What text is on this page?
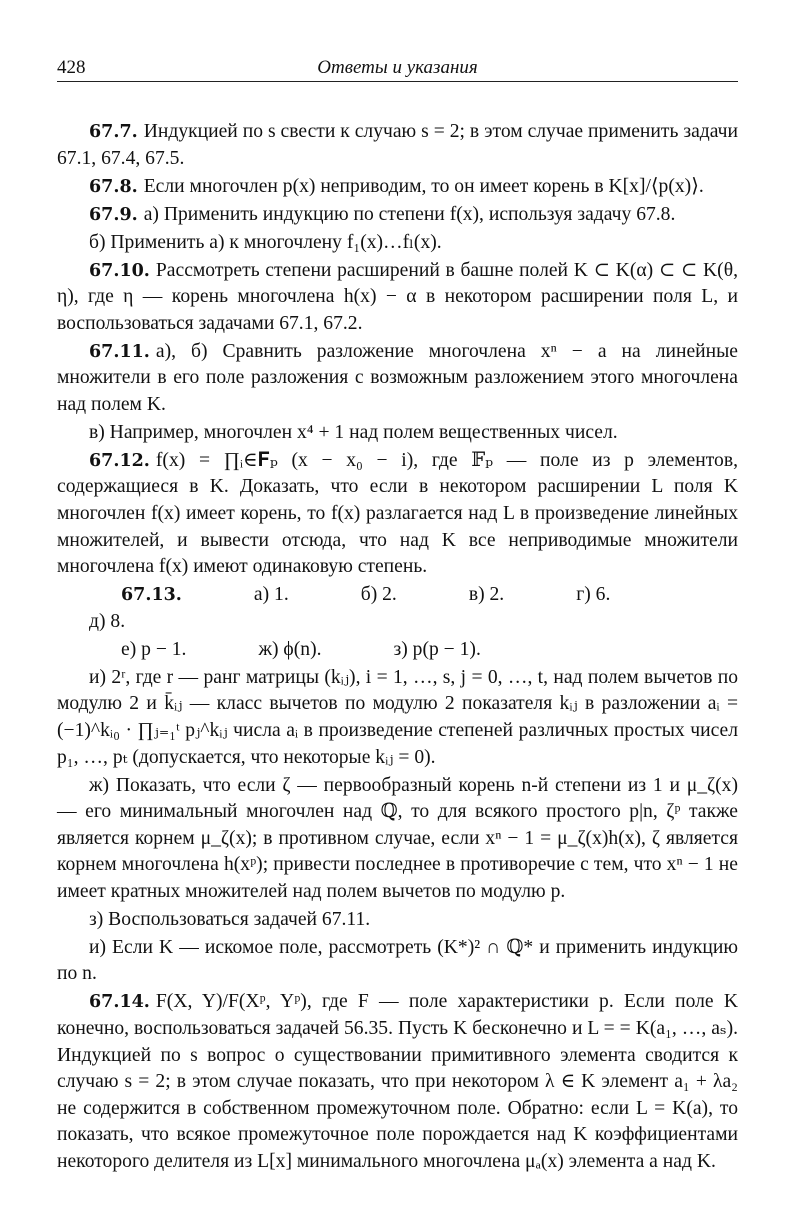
428	Ответы и указания

67.7. Индукцией по s свести к случаю s = 2; в этом случае применить задачи 67.1, 67.4, 67.5.

67.8. Если многочлен p(x) неприводим, то он имеет корень в K[x]/⟨p(x)⟩.

67.9. а) Применить индукцию по степени f(x), используя задачу 67.8.

б) Применить а) к многочлену f₁(x)…fₗ(x).

67.10. Рассмотреть степени расширений в башне полей K ⊂ K(α) ⊂ ⊂ K(θ, η), где η — корень многочлена h(x) − α в некотором расширении поля L, и воспользоваться задачами 67.1, 67.2.

67.11. а), б) Сравнить разложение многочлена xⁿ − a на линейные множители в его поле разложения с возможным разложением этого многочлена над полем K.

в) Например, многочлен x⁴ + 1 над полем вещественных чисел.

67.12. f(x) = ∏ᵢ∈𝐅ₚ (x − x₀ − i), где 𝔽ₚ — поле из p элементов, содержащиеся в K. Доказать, что если в некотором расширении L поля K многочлен f(x) имеет корень, то f(x) разлагается над L в произведение линейных множителей, и вывести отсюда, что над K все неприводимые множители многочлена f(x) имеют одинаковую степень.

67.13.	а) 1.	б) 2.	в) 2.	г) 6.д) 8.

е) p − 1.	ж) ϕ(n).	з) p(p − 1).

и) 2ʳ, где r — ранг матрицы (kᵢⱼ), i = 1, …, s, j = 0, …, t, над полем вычетов по модулю 2 и k̄ᵢⱼ — класс вычетов по модулю 2 показателя kᵢⱼ в разложении aᵢ = (−1)^kᵢ₀ · ∏ⱼ₌₁ᵗ pⱼ^kᵢⱼ числа aᵢ в произведение степеней различных простых чисел p₁, …, pₜ (допускается, что некоторые kᵢⱼ = 0).

ж) Показать, что если ζ — первообразный корень n-й степени из 1 и μ_ζ(x) — его минимальный многочлен над ℚ, то для всякого простого p|n, ζᵖ также является корнем μ_ζ(x); в противном случае, если xⁿ − 1 = μ_ζ(x)h(x), ζ является корнем многочлена h(xᵖ); привести последнее в противоречие с тем, что xⁿ − 1 не имеет кратных множителей над полем вычетов по модулю p.

з) Воспользоваться задачей 67.11.

и) Если K — искомое поле, рассмотреть (K*)² ∩ ℚ* и применить индукцию по n.

67.14. F(X, Y)/F(Xᵖ, Yᵖ), где F — поле характеристики p. Если поле K конечно, воспользоваться задачей 56.35. Пусть K бесконечно и L = = K(a₁, …, aₛ). Индукцией по s вопрос о существовании примитивного элемента сводится к случаю s = 2; в этом случае показать, что при некотором λ ∈ K элемент a₁ + λa₂ не содержится в собственном промежуточном поле. Обратно: если L = K(a), то показать, что всякое промежуточное поле порождается над K коэффициентами некоторого делителя из L[x] минимального многочлена μₐ(x) элемента a над K.
